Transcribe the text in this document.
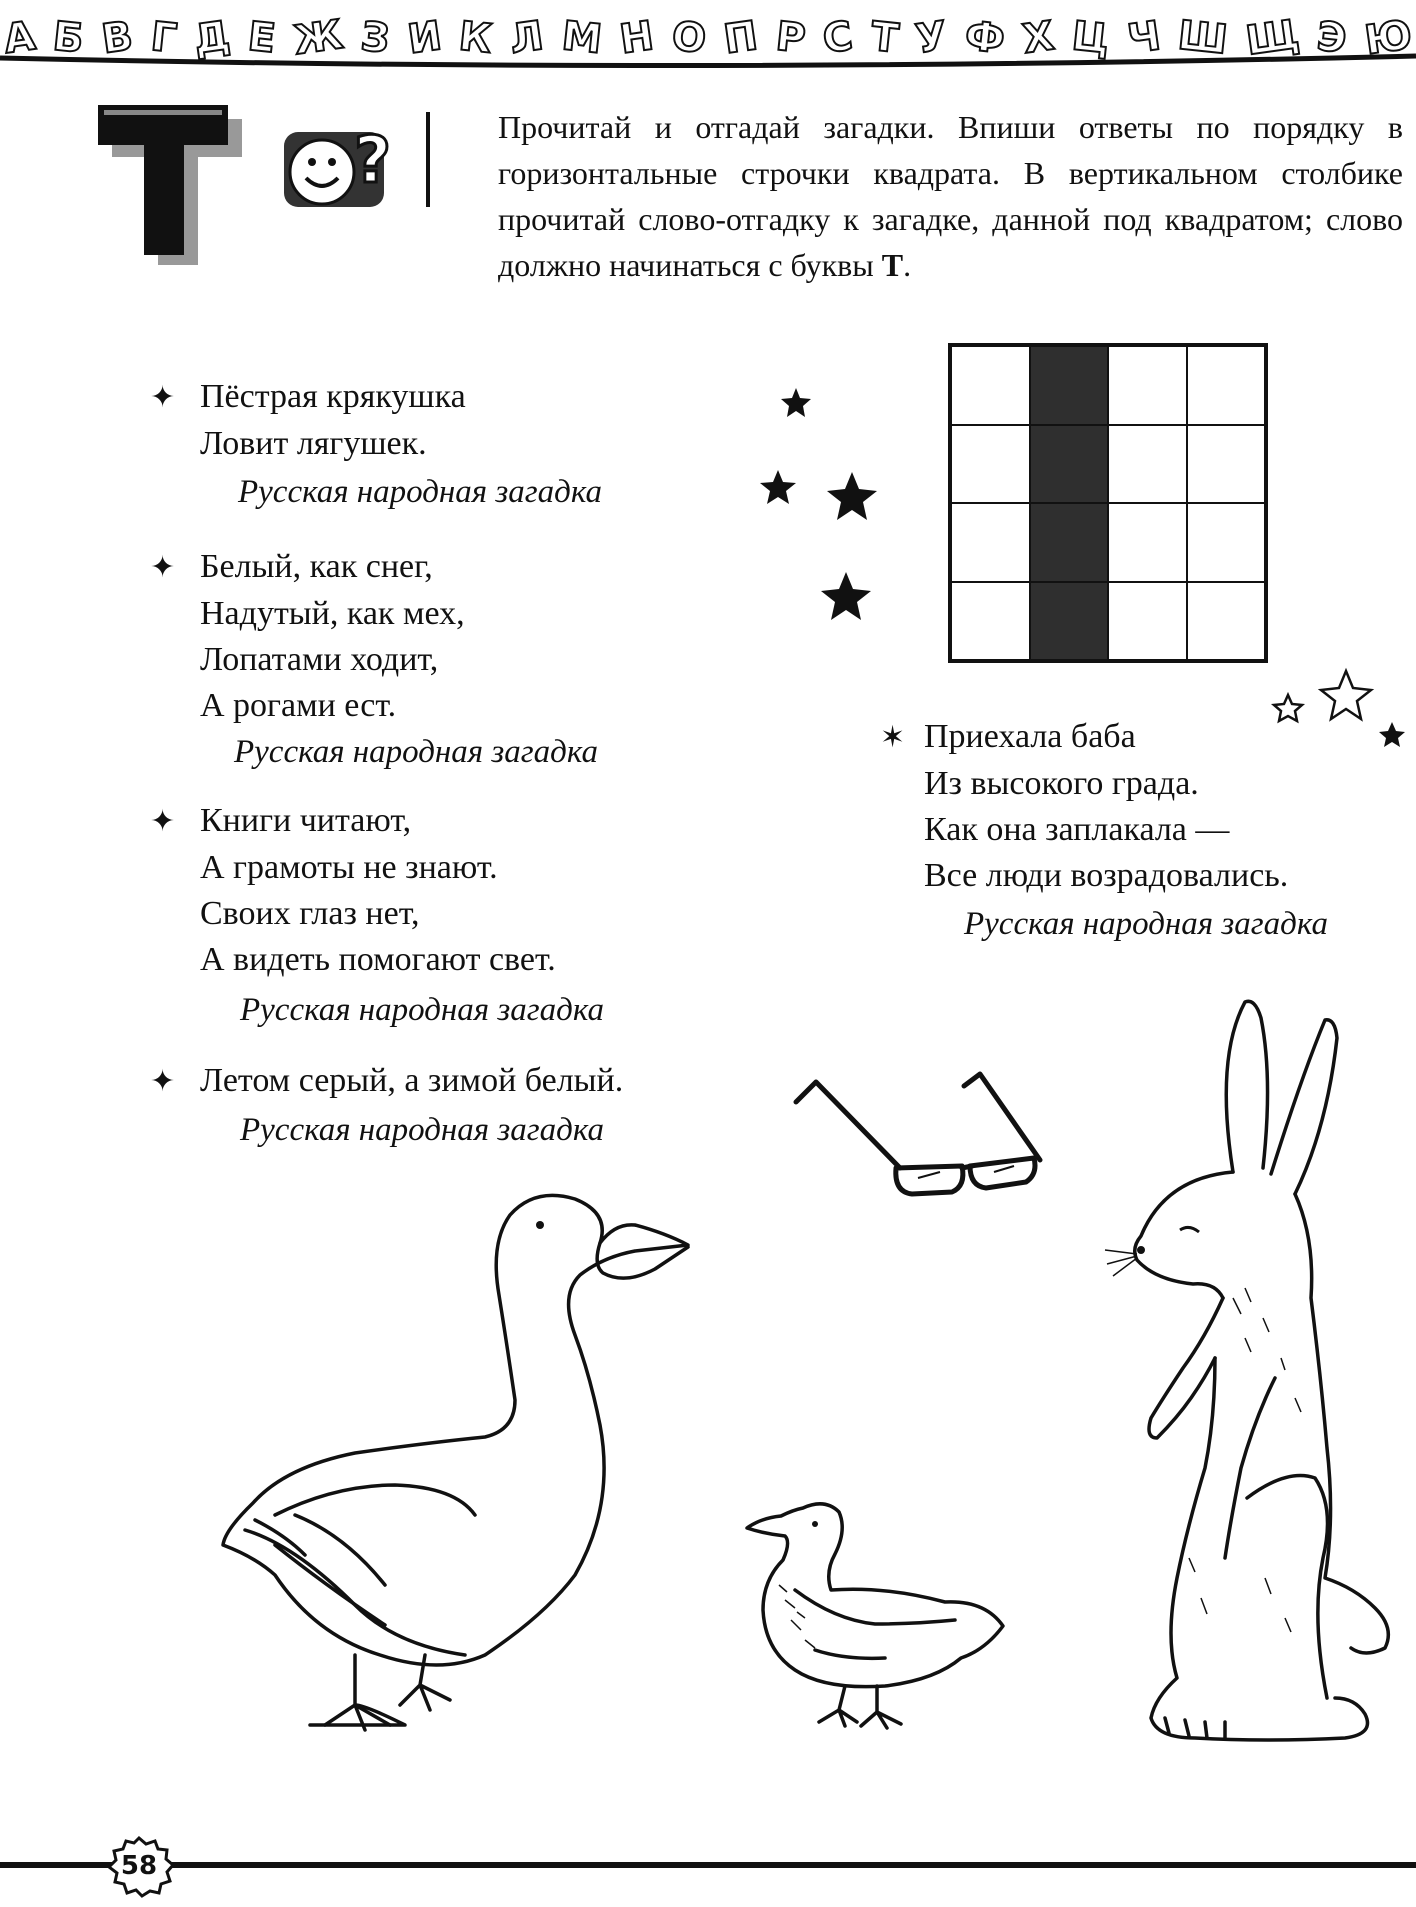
А Б В Г Д Е Ж З И К Л М Н О П Р С Т У Ф Х Ц Ч Ш Щ Э Ю
?	Прочитай и отгадай загадки. Впиши ответы по порядку в горизонтальные строчки квадрата. В вертикальном столбике прочитай слово-отгадку к загадке, данной под квадратом; слово должно начинаться с буквы Т.
✦ Пёстрая крякушка
Ловит лягушек.
Русская народная загадка
✦ Белый, как снег,
Надутый, как мех,
Лопатами ходит,
А рогами ест.
Русская народная загадка
✦ Книги читают,
А грамоты не знают.
Своих глаз нет,
А видеть помогают свет.
Русская народная загадка
✦ Летом серый, а зимой белый.
Русская народная загадка
✶ Приехала баба
Из высокого града.
Как она заплакала —
Все люди возрадовались.
Русская народная загадка
58
